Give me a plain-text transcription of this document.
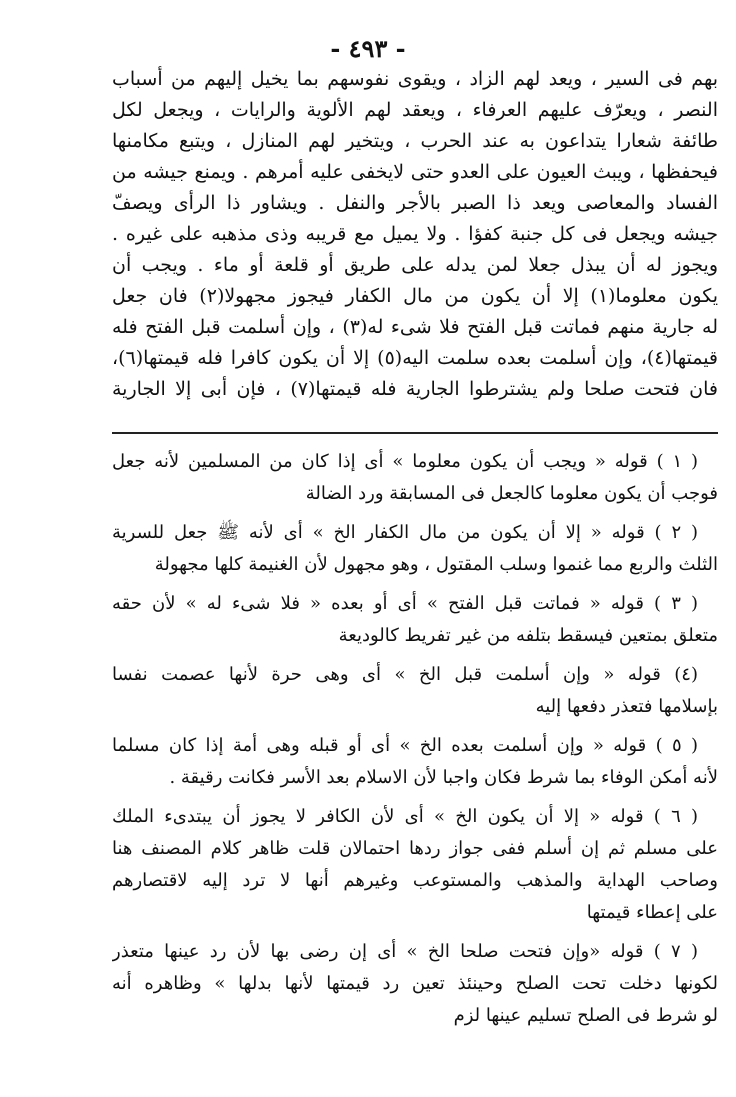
- ٤٩٣ -
بهم فى السير ، ويعد لهم الزاد ، ويقوى نفوسهم بما يخيل إليهم من أسباب
النصر ، ويعرّف عليهم العرفاء ، ويعقد لهم الألوية والرايات ، ويجعل لكل
طائفة شعارا يتداعون به عند الحرب ، ويتخير لهم المنازل ، ويتبع مكامنها
فيحفظها ، ويبث العيون على العدو حتى لايخفى عليه أمرهم . ويمنع جيشه من
الفساد والمعاصى ويعد ذا الصبر بالأجر والنفل . ويشاور ذا الرأى ويصفّ
جيشه ويجعل فى كل جنبة كفؤا . ولا يميل مع قريبه وذى مذهبه على غيره .
ويجوز له أن يبذل جعلا لمن يدله على طريق أو قلعة أو ماء . ويجب أن
يكون معلوما(١) إلا أن يكون من مال الكفار فيجوز مجهولا(٢) فان جعل
له جارية منهم فماتت قبل الفتح فلا شىء له(٣) ، وإن أسلمت قبل الفتح فله
قيمتها(٤)، وإن أسلمت بعده سلمت اليه(٥) إلا أن يكون كافرا فله قيمتها(٦)،
فان فتحت صلحا ولم يشترطوا الجارية فله قيمتها(٧) ، فإن أبى إلا الجارية
( ١ ) قوله « ويجب أن يكون معلوما » أى إذا كان من المسلمين لأنه جعل
فوجب أن يكون معلوما كالجعل فى المسابقة ورد الضالة
( ٢ ) قوله « إلا أن يكون من مال الكفار الخ » أى لأنه ﷺ جعل للسرية
الثلث والربع مما غنموا وسلب المقتول ، وهو مجهول لأن الغنيمة كلها مجهولة
( ٣ ) قوله « فماتت قبل الفتح » أى أو بعده « فلا شىء له » لأن حقه
متعلق بمتعين فيسقط بتلفه من غير تفريط كالوديعة
(٤) قوله « وإن أسلمت قبل الخ » أى وهى حرة لأنها عصمت نفسا
بإسلامها فتعذر دفعها إليه
( ٥ ) قوله « وإن أسلمت بعده الخ » أى أو قبله وهى أمة إذا كان مسلما
لأنه أمكن الوفاء بما شرط فكان واجبا لأن الاسلام بعد الأسر فكانت رقيقة .
( ٦ ) قوله « إلا أن يكون الخ » أى لأن الكافر لا يجوز أن يبتدىء الملك
على مسلم ثم إن أسلم ففى جواز ردها احتمالان قلت ظاهر كلام المصنف هنا
وصاحب الهداية والمذهب والمستوعب وغيرهم أنها لا ترد إليه لاقتصارهم
على إعطاء قيمتها
( ٧ ) قوله «وإن فتحت صلحا الخ » أى إن رضى بها لأن رد عينها متعذر
لكونها دخلت تحت الصلح وحينئذ تعين رد قيمتها لأنها بدلها » وظاهره أنه
لو شرط فى الصلح تسليم عينها لزم
